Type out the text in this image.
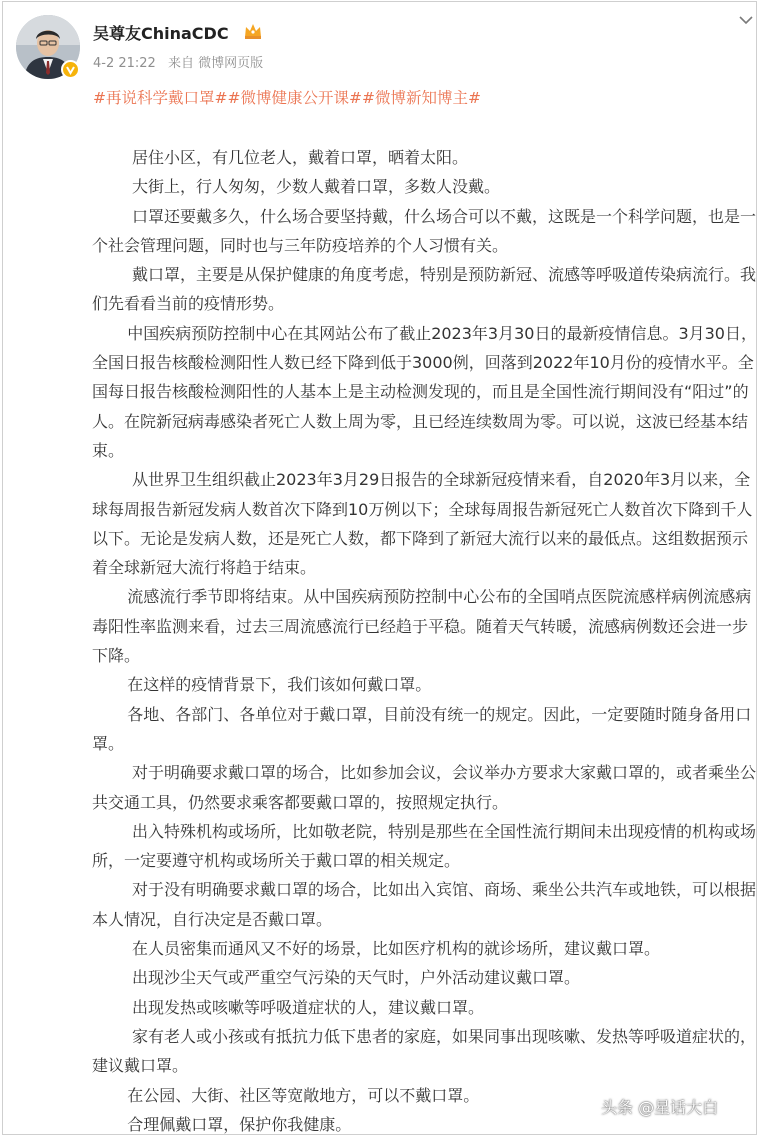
吴尊友ChinaCDC
4-2 21:22 来自 微博网页版
#再说科学戴口罩##微博健康公开课##微博新知博主#

居住小区，有几位老人，戴着口罩，晒着太阳。

大街上，行人匆匆，少数人戴着口罩，多数人没戴。

口罩还要戴多久，什么场合要坚持戴，什么场合可以不戴，这既是一个科学问题，也是一个社会管理问题，同时也与三年防疫培养的个人习惯有关。

戴口罩，主要是从保护健康的角度考虑，特别是预防新冠、流感等呼吸道传染病流行。我们先看看当前的疫情形势。

中国疾病预防控制中心在其网站公布了截止2023年3月30日的最新疫情信息。3月30日，全国日报告核酸检测阳性人数已经下降到低于3000例，回落到2022年10月份的疫情水平。全国每日报告核酸检测阳性的人基本上是主动检测发现的，而且是全国性流行期间没有“阳过”的人。在院新冠病毒感染者死亡人数上周为零，且已经连续数周为零。可以说，这波已经基本结束。

从世界卫生组织截止2023年3月29日报告的全球新冠疫情来看，自2020年3月以来，全球每周报告新冠发病人数首次下降到10万例以下；全球每周报告新冠死亡人数首次下降到千人以下。无论是发病人数，还是死亡人数，都下降到了新冠大流行以来的最低点。这组数据预示着全球新冠大流行将趋于结束。

流感流行季节即将结束。从中国疾病预防控制中心公布的全国哨点医院流感样病例流感病毒阳性率监测来看，过去三周流感流行已经趋于平稳。随着天气转暖，流感病例数还会进一步下降。

在这样的疫情背景下，我们该如何戴口罩。

各地、各部门、各单位对于戴口罩，目前没有统一的规定。因此，一定要随时随身备用口罩。

对于明确要求戴口罩的场合，比如参加会议，会议举办方要求大家戴口罩的，或者乘坐公共交通工具，仍然要求乘客都要戴口罩的，按照规定执行。

出入特殊机构或场所，比如敬老院，特别是那些在全国性流行期间未出现疫情的机构或场所，一定要遵守机构或场所关于戴口罩的相关规定。

对于没有明确要求戴口罩的场合，比如出入宾馆、商场、乘坐公共汽车或地铁，可以根据本人情况，自行决定是否戴口罩。

在人员密集而通风又不好的场景，比如医疗机构的就诊场所，建议戴口罩。

出现沙尘天气或严重空气污染的天气时，户外活动建议戴口罩。

出现发热或咳嗽等呼吸道症状的人，建议戴口罩。

家有老人或小孩或有抵抗力低下患者的家庭，如果同事出现咳嗽、发热等呼吸道症状的，建议戴口罩。

在公园、大街、社区等宽敞地方，可以不戴口罩。

合理佩戴口罩，保护你我健康。

头条 @星话大白
